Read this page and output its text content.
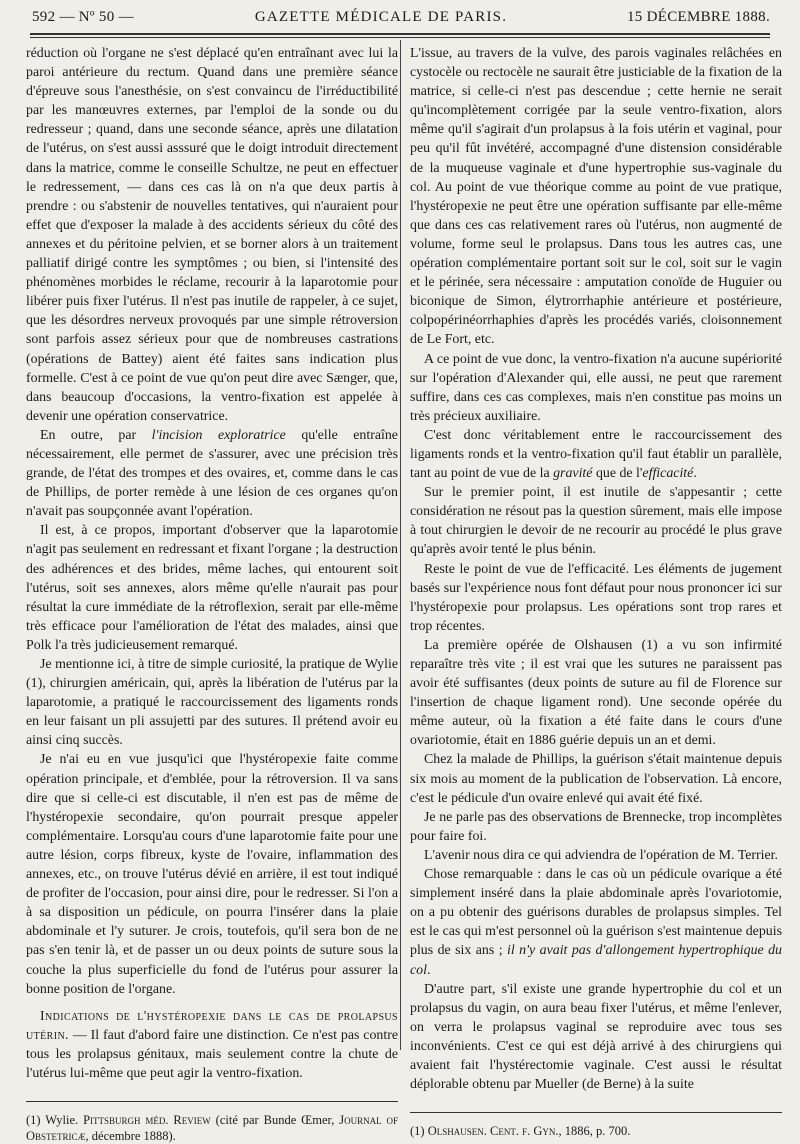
592 — Nº 50 —	GAZETTE MÉDICALE DE PARIS.	15 DÉCEMBRE 1888.

réduction où l'organe ne s'est déplacé qu'en entraînant avec lui la paroi antérieure du rectum. Quand dans une première séance d'épreuve sous l'anesthésie, on s'est convaincu de l'irréductibilité par les manœuvres externes, par l'emploi de la sonde ou du redresseur ; quand, dans une seconde séance, après une dilatation de l'utérus, on s'est aussi asssuré que le doigt introduit directement dans la matrice, comme le conseille Schultze, ne peut en effectuer le redressement, — dans ces cas là on n'a que deux partis à prendre : ou s'abstenir de nouvelles tentatives, qui n'auraient pour effet que d'exposer la malade à des accidents sérieux du côté des annexes et du péritoine pelvien, et se borner alors à un traitement palliatif dirigé contre les symptômes ; ou bien, si l'intensité des phénomènes morbides le réclame, recourir à la laparotomie pour libérer puis fixer l'utérus. Il n'est pas inutile de rappeler, à ce sujet, que les désordres nerveux provoqués par une simple rétroversion sont parfois assez sérieux pour que de nombreuses castrations (opérations de Battey) aient été faites sans indication plus formelle. C'est à ce point de vue qu'on peut dire avec Sænger, que, dans beaucoup d'occasions, la ventro-fixation est appelée à devenir une opération conservatrice.

En outre, par l'incision exploratrice qu'elle entraîne nécessairement, elle permet de s'assurer, avec une précision très grande, de l'état des trompes et des ovaires, et, comme dans le cas de Phillips, de porter remède à une lésion de ces organes qu'on n'avait pas soupçonnée avant l'opération.

Il est, à ce propos, important d'observer que la laparotomie n'agit pas seulement en redressant et fixant l'organe ; la destruction des adhérences et des brides, même laches, qui entourent soit l'utérus, soit ses annexes, alors même qu'elle n'aurait pas pour résultat la cure immédiate de la rétroflexion, serait par elle-même très efficace pour l'amélioration de l'état des malades, ainsi que Polk l'a très judicieusement remarqué.

Je mentionne ici, à titre de simple curiosité, la pratique de Wylie (1), chirurgien américain, qui, après la libération de l'utérus par la laparotomie, a pratiqué le raccourcissement des ligaments ronds en leur faisant un pli assujetti par des sutures. Il prétend avoir eu ainsi cinq succès.

Je n'ai eu en vue jusqu'ici que l'hystéropexie faite comme opération principale, et d'emblée, pour la rétroversion. Il va sans dire que si celle-ci est discutable, il n'en est pas de même de l'hystéropexie secondaire, qu'on pourrait presque appeler complémentaire. Lorsqu'au cours d'une laparotomie faite pour une autre lésion, corps fibreux, kyste de l'ovaire, inflammation des annexes, etc., on trouve l'utérus dévié en arrière, il est tout indiqué de profiter de l'occasion, pour ainsi dire, pour le redresser. Si l'on a à sa disposition un pédicule, on pourra l'insérer dans la plaie abdominale et l'y suturer. Je crois, toutefois, qu'il sera bon de ne pas s'en tenir là, et de passer un ou deux points de suture sous la couche la plus superficielle du fond de l'utérus pour assurer la bonne position de l'organe.

Indications de l'hystéropexie dans le cas de prolapsus utérin. — Il faut d'abord faire une distinction. Ce n'est pas contre tous les prolapsus génitaux, mais seulement contre la chute de l'utérus lui-même que peut agir la ventro-fixation.

(1) Wylie. Pittsburgh méd. Review (cité par Bunde Œmer, Journal of Obstetricæ, décembre 1888).

L'issue, au travers de la vulve, des parois vaginales relâchées en cystocèle ou rectocèle ne saurait être justiciable de la fixation de la matrice, si celle-ci n'est pas descendue ; cette hernie ne serait qu'incomplètement corrigée par la seule ventro-fixation, alors même qu'il s'agirait d'un prolapsus à la fois utérin et vaginal, pour peu qu'il fût invétéré, accompagné d'une distension considérable de la muqueuse vaginale et d'une hypertrophie sus-vaginale du col. Au point de vue théorique comme au point de vue pratique, l'hystéropexie ne peut être une opération suffisante par elle-même que dans ces cas relativement rares où l'utérus, non augmenté de volume, forme seul le prolapsus. Dans tous les autres cas, une opération complémentaire portant soit sur le col, soit sur le vagin et le périnée, sera nécessaire : amputation conoïde de Huguier ou biconique de Simon, élytrorrhaphie antérieure et postérieure, colpopérinéorrhaphies d'après les procédés variés, cloisonnement de Le Fort, etc.

A ce point de vue donc, la ventro-fixation n'a aucune supériorité sur l'opération d'Alexander qui, elle aussi, ne peut que rarement suffire, dans ces cas complexes, mais n'en constitue pas moins un très précieux auxiliaire.

C'est donc véritablement entre le raccourcissement des ligaments ronds et la ventro-fixation qu'il faut établir un parallèle, tant au point de vue de la gravité que de l'efficacité.

Sur le premier point, il est inutile de s'appesantir ; cette considération ne résout pas la question sûrement, mais elle impose à tout chirurgien le devoir de ne recourir au procédé le plus grave qu'après avoir tenté le plus bénin.

Reste le point de vue de l'efficacité. Les éléments de jugement basés sur l'expérience nous font défaut pour nous prononcer ici sur l'hystéropexie pour prolapsus. Les opérations sont trop rares et trop récentes.

La première opérée de Olshausen (1) a vu son infirmité reparaître très vite ; il est vrai que les sutures ne paraissent pas avoir été suffisantes (deux points de suture au fil de Florence sur l'insertion de chaque ligament rond). Une seconde opérée du même auteur, où la fixation a été faite dans le cours d'une ovariotomie, était en 1886 guérie depuis un an et demi.

Chez la malade de Phillips, la guérison s'était maintenue depuis six mois au moment de la publication de l'observation. Là encore, c'est le pédicule d'un ovaire enlevé qui avait été fixé.

Je ne parle pas des observations de Brennecke, trop incomplètes pour faire foi.

L'avenir nous dira ce qui adviendra de l'opération de M. Terrier.

Chose remarquable : dans le cas où un pédicule ovarique a été simplement inséré dans la plaie abdominale après l'ovariotomie, on a pu obtenir des guérisons durables de prolapsus simples. Tel est le cas qui m'est personnel où la guérison s'est maintenue depuis plus de six ans ; il n'y avait pas d'allongement hypertrophique du col.

D'autre part, s'il existe une grande hypertrophie du col et un prolapsus du vagin, on aura beau fixer l'utérus, et même l'enlever, on verra le prolapsus vaginal se reproduire avec tous ses inconvénients. C'est ce qui est déjà arrivé à des chirurgiens qui avaient fait l'hystérectomie vaginale. C'est aussi le résultat déplorable obtenu par Mueller (de Berne) à la suite

(1) Olshausen. Cent. f. Gyn., 1886, p. 700.
